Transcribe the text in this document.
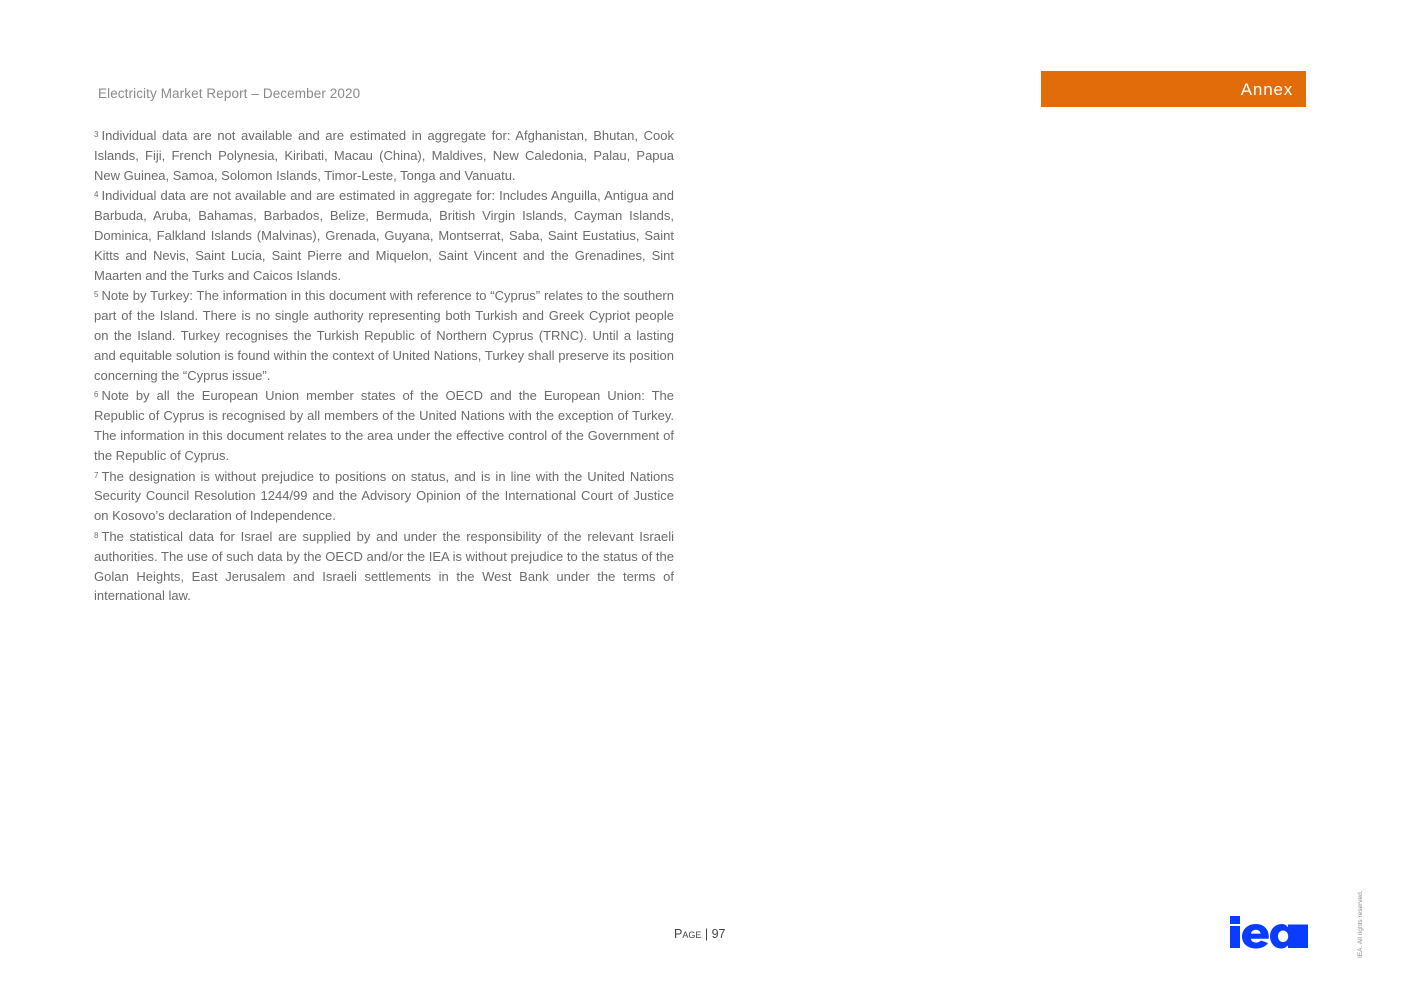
Electricity Market Report – December 2020	Annex

$^3$ Individual data are not available and are estimated in aggregate for: Afghanistan, Bhutan, Cook Islands, Fiji, French Polynesia, Kiribati, Macau (China), Maldives, New Caledonia, Palau, Papua New Guinea, Samoa, Solomon Islands, Timor-Leste, Tonga and Vanuatu.

$^4$ Individual data are not available and are estimated in aggregate for: Includes Anguilla, Antigua and Barbuda, Aruba, Bahamas, Barbados, Belize, Bermuda, British Virgin Islands, Cayman Islands, Dominica, Falkland Islands (Malvinas), Grenada, Guyana, Montserrat, Saba, Saint Eustatius, Saint Kitts and Nevis, Saint Lucia, Saint Pierre and Miquelon, Saint Vincent and the Grenadines, Sint Maarten and the Turks and Caicos Islands.

$^5$ Note by Turkey: The information in this document with reference to “Cyprus” relates to the southern part of the Island. There is no single authority representing both Turkish and Greek Cypriot people on the Island. Turkey recognises the Turkish Republic of Northern Cyprus (TRNC). Until a lasting and equitable solution is found within the context of United Nations, Turkey shall preserve its position concerning the “Cyprus issue”.

$^6$ Note by all the European Union member states of the OECD and the European Union: The Republic of Cyprus is recognised by all members of the United Nations with the exception of Turkey. The information in this document relates to the area under the effective control of the Government of the Republic of Cyprus.

$^7$ The designation is without prejudice to positions on status, and is in line with the United Nations Security Council Resolution 1244/99 and the Advisory Opinion of the International Court of Justice on Kosovo’s declaration of Independence.

$^8$ The statistical data for Israel are supplied by and under the responsibility of the relevant Israeli authorities. The use of such data by the OECD and/or the IEA is without prejudice to the status of the Golan Heights, East Jerusalem and Israeli settlements in the West Bank under the terms of international law.

Page | 97
iea	IEA. All rights reserved.
